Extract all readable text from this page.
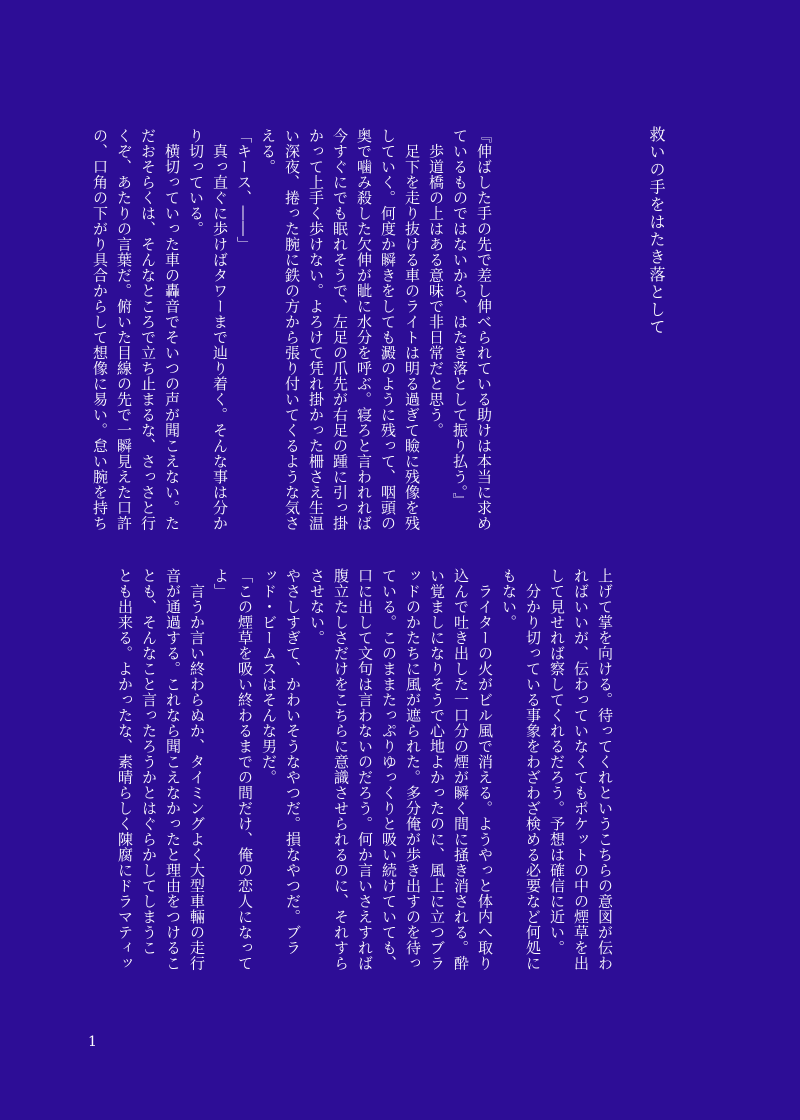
救いの手をはたき落として
『伸ばした手の先で差し伸べられている助けは本当に求め
ているものではないから、はたき落として振り払う。』
　歩道橋の上はある意味で非日常だと思う。
　足下を走り抜ける車のライトは明る過ぎて瞼に残像を残
していく。何度か瞬きをしても澱のように残って、咽頭の
奥で噛み殺した欠伸が眦に水分を呼ぶ。寝ろと言われれば
今すぐにでも眠れそうで、左足の爪先が右足の踵に引っ掛
かって上手く歩けない。よろけて凭れ掛かった柵さえ生温
い深夜、捲った腕に鉄の方から張り付いてくるような気さ
える。
「キース、――」
　真っ直ぐに歩けばタワーまで辿り着く。そんな事は分か
り切っている。
　横切っていった車の轟音でそいつの声が聞こえない。た
だおそらくは、そんなところで立ち止まるな、さっさと行
くぞ、あたりの言葉だ。俯いた目線の先で一瞬見えた口許
の、口角の下がり具合からして想像に易い。怠い腕を持ち
上げて掌を向ける。待ってくれというこちらの意図が伝わ
ればいいが、伝わっていなくてもポケットの中の煙草を出
して見せれば察してくれるだろう。予想は確信に近い。
　分かり切っている事象をわざわざ検める必要など何処に
もない。
　ライターの火がビル風で消える。ようやっと体内へ取り
込んで吐き出した一口分の煙が瞬く間に掻き消される。酔
い覚ましになりそうで心地よかったのに、風上に立つブラ
ッドのかたちに風が遮られた。多分俺が歩き出すのを待っ
ている。このままたっぷりゆっくりと吸い続けていても、
口に出して文句は言わないのだろう。何か言いさえすれば
腹立たしさだけをこちらに意識させられるのに、それすら
させない。
やさしすぎて、かわいそうなやつだ。損なやつだ。ブラ
ッド・ビームスはそんな男だ。
「この煙草を吸い終わるまでの間だけ、俺の恋人になって
よ」
　言うか言い終わらぬか、タイミングよく大型車輛の走行
音が通過する。これなら聞こえなかったと理由をつけるこ
とも、そんなこと言ったろうかとはぐらかしてしまうこ
とも出来る。よかったな、素晴らしく陳腐にドラマティッ
1
